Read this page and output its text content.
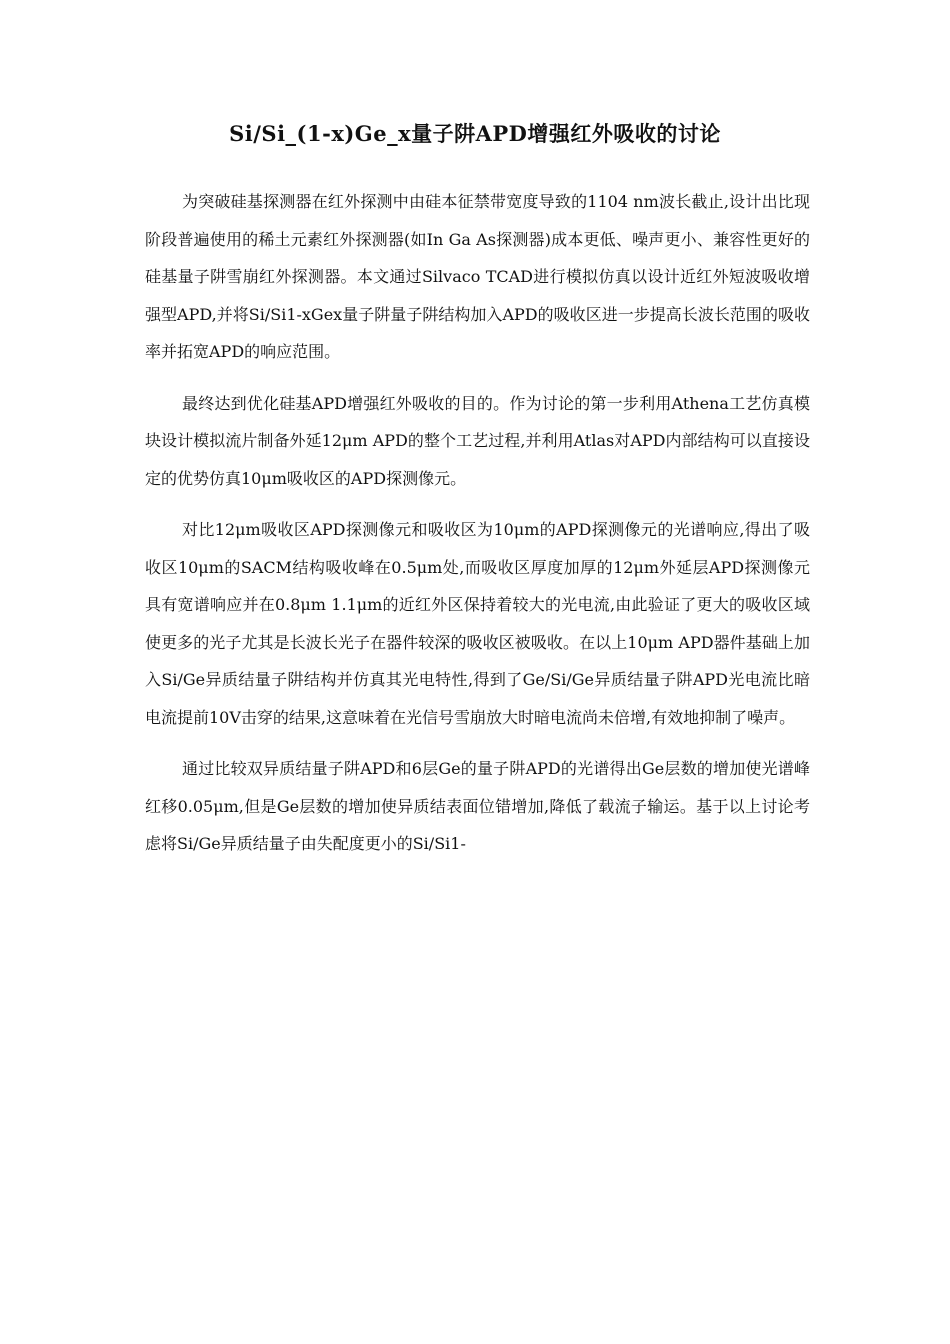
Si/Si_(1-x)Ge_x量子阱APD增强红外吸收的讨论

为突破硅基探测器在红外探测中由硅本征禁带宽度导致的1104 nm波长截止,设计出比现阶段普遍使用的稀土元素红外探测器(如In Ga As探测器)成本更低、噪声更小、兼容性更好的硅基量子阱雪崩红外探测器。本文通过Silvaco TCAD进行模拟仿真以设计近红外短波吸收增强型APD,并将Si/Si1-xGex量子阱量子阱结构加入APD的吸收区进一步提高长波长范围的吸收率并拓宽APD的响应范围。

最终达到优化硅基APD增强红外吸收的目的。作为讨论的第一步利用Athena工艺仿真模块设计模拟流片制备外延12μm APD的整个工艺过程,并利用Atlas对APD内部结构可以直接设定的优势仿真10μm吸收区的APD探测像元。

对比12μm吸收区APD探测像元和吸收区为10μm的APD探测像元的光谱响应,得出了吸收区10μm的SACM结构吸收峰在0.5μm处,而吸收区厚度加厚的12μm外延层APD探测像元具有宽谱响应并在0.8μm 1.1μm的近红外区保持着较大的光电流,由此验证了更大的吸收区域使更多的光子尤其是长波长光子在器件较深的吸收区被吸收。在以上10μm APD器件基础上加入Si/Ge异质结量子阱结构并仿真其光电特性,得到了Ge/Si/Ge异质结量子阱APD光电流比暗电流提前10V击穿的结果,这意味着在光信号雪崩放大时暗电流尚未倍增,有效地抑制了噪声。

通过比较双异质结量子阱APD和6层Ge的量子阱APD的光谱得出Ge层数的增加使光谱峰红移0.05μm,但是Ge层数的增加使异质结表面位错增加,降低了载流子输运。基于以上讨论考虑将Si/Ge异质结量子由失配度更小的Si/Si1-
